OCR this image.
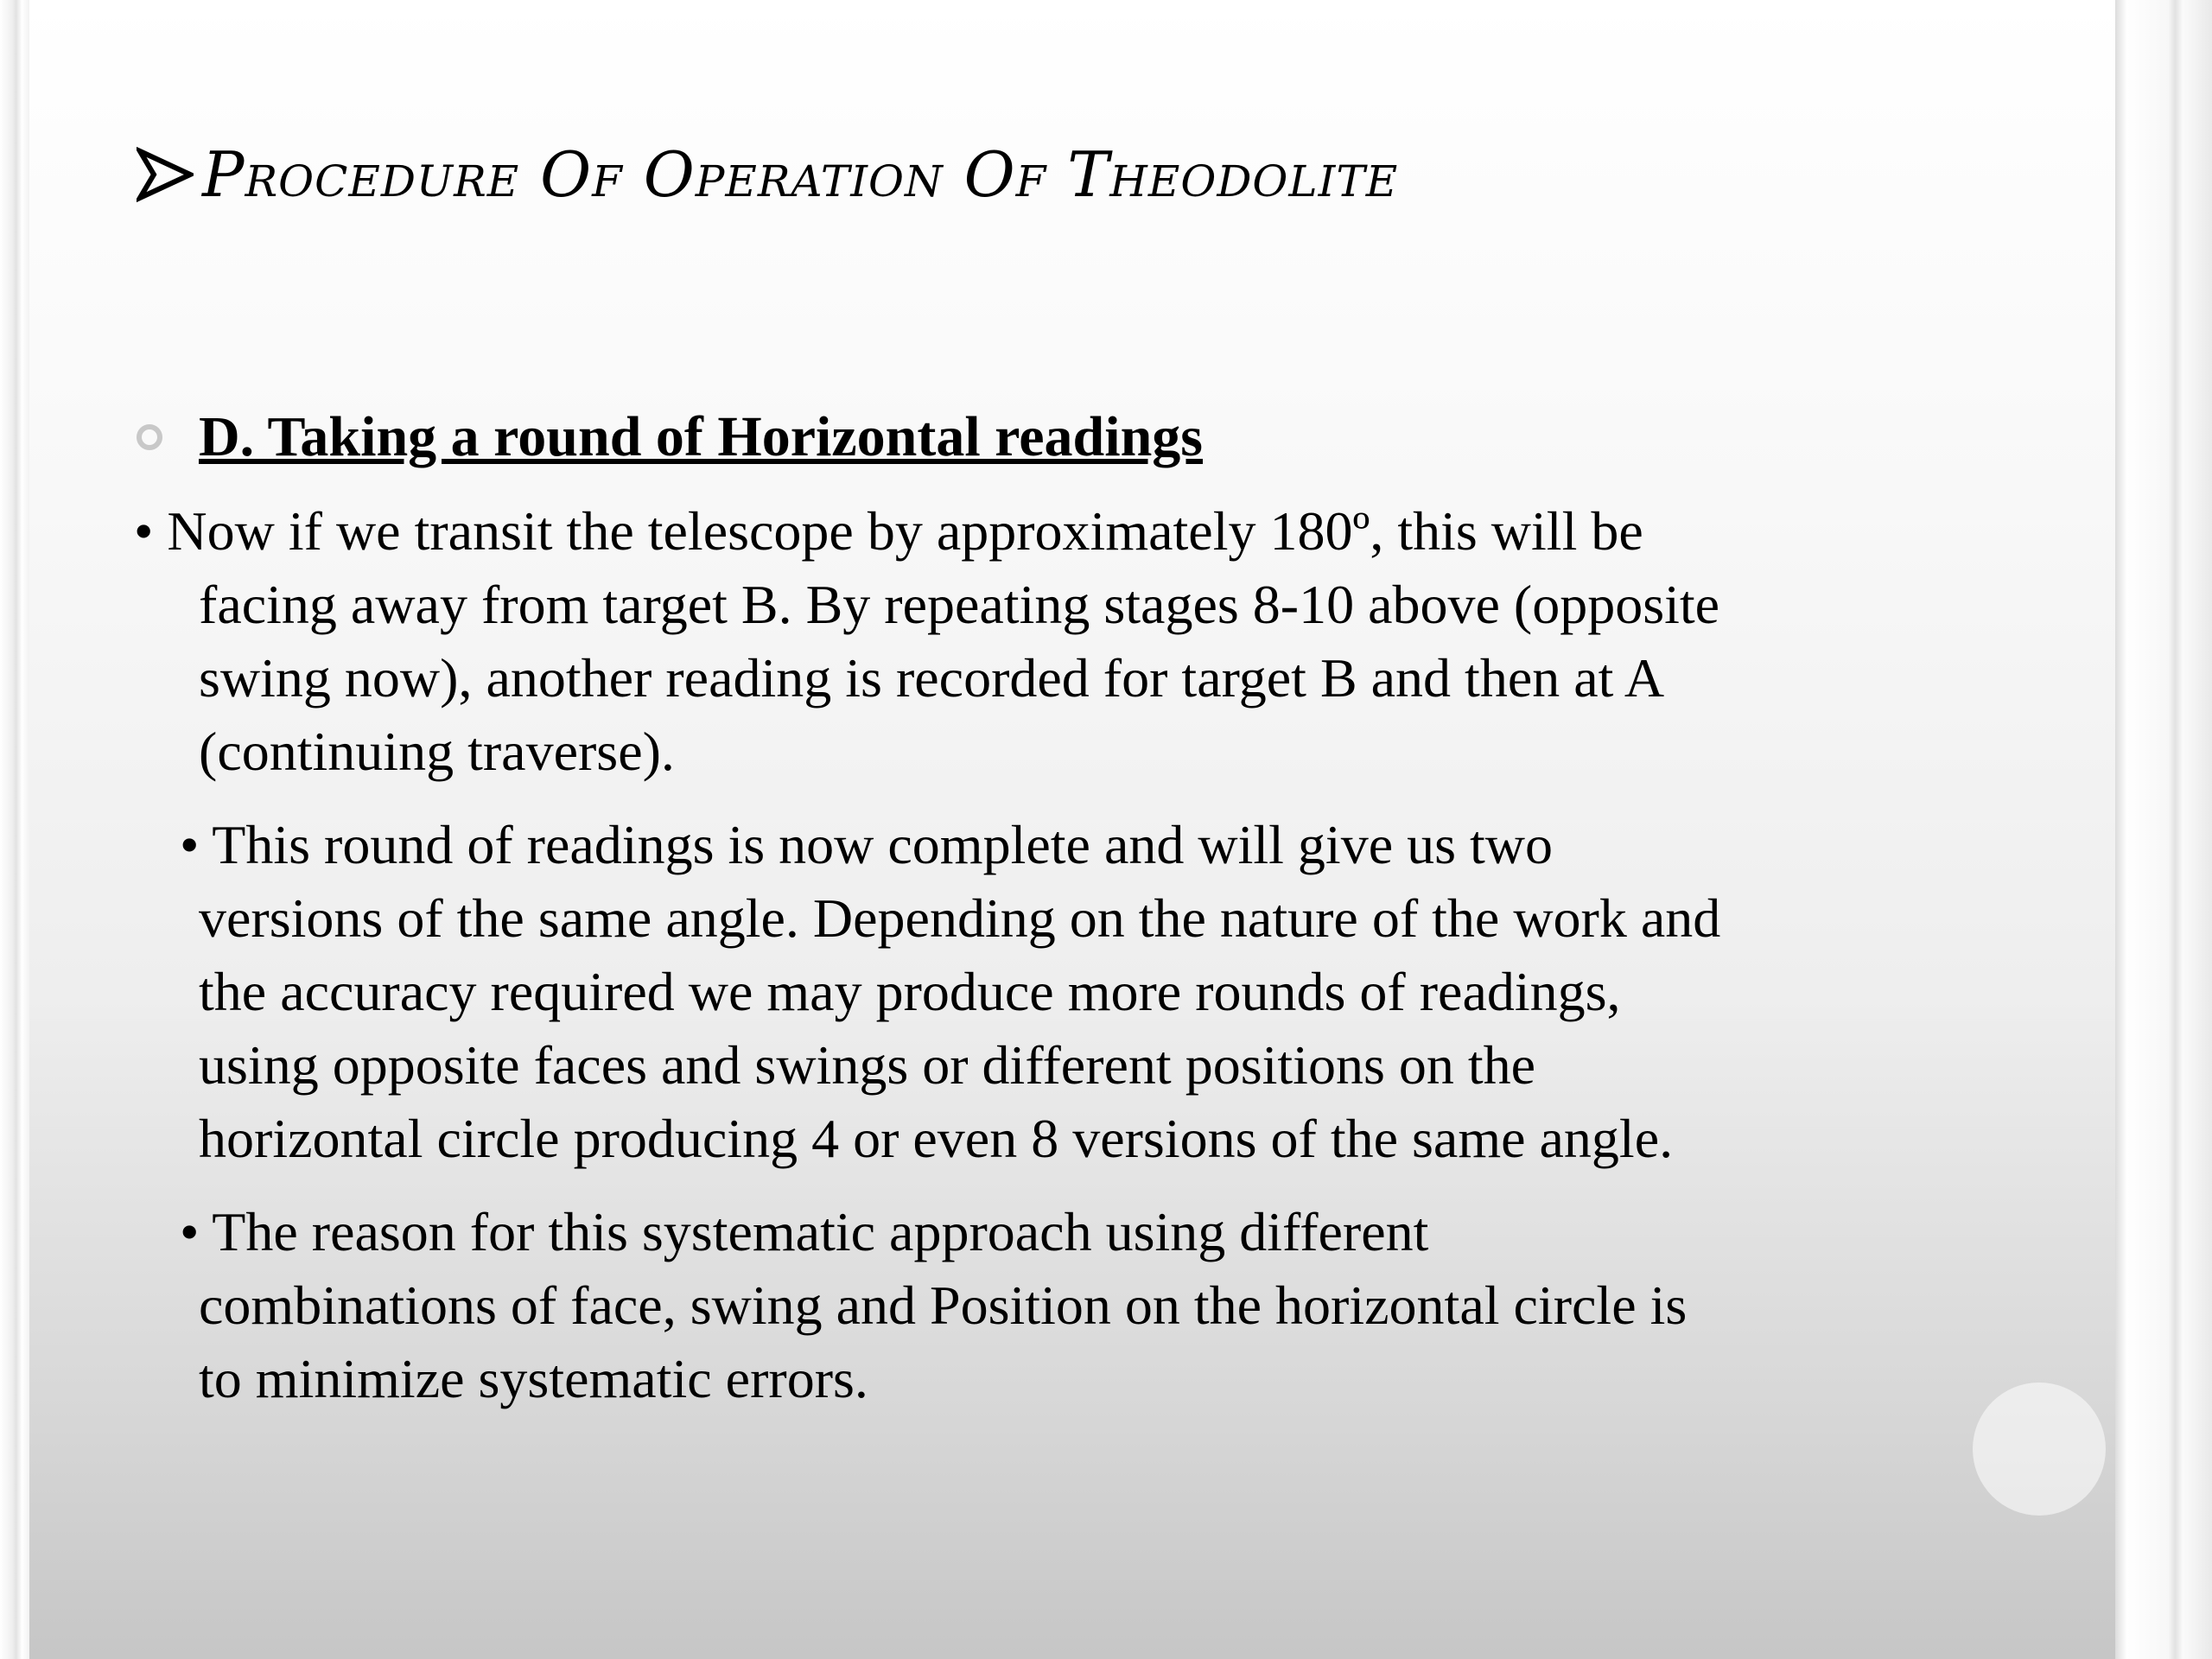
Procedure Of Operation Of Theodolite
D. Taking a round of Horizontal readings
• Now if we transit the telescope by approximately 180º, this will be
facing away from target B. By repeating stages 8-10 above (opposite
swing now), another reading is recorded for target B and then at A
(continuing traverse).
• This round of readings is now complete and will give us two
versions of the same angle. Depending on the nature of the work and
the accuracy required we may produce more rounds of readings,
using opposite faces and swings or different positions on the
horizontal circle producing 4 or even 8 versions of the same angle.
• The reason for this systematic approach using different
combinations of face, swing and Position on the horizontal circle is
to minimize systematic errors.
